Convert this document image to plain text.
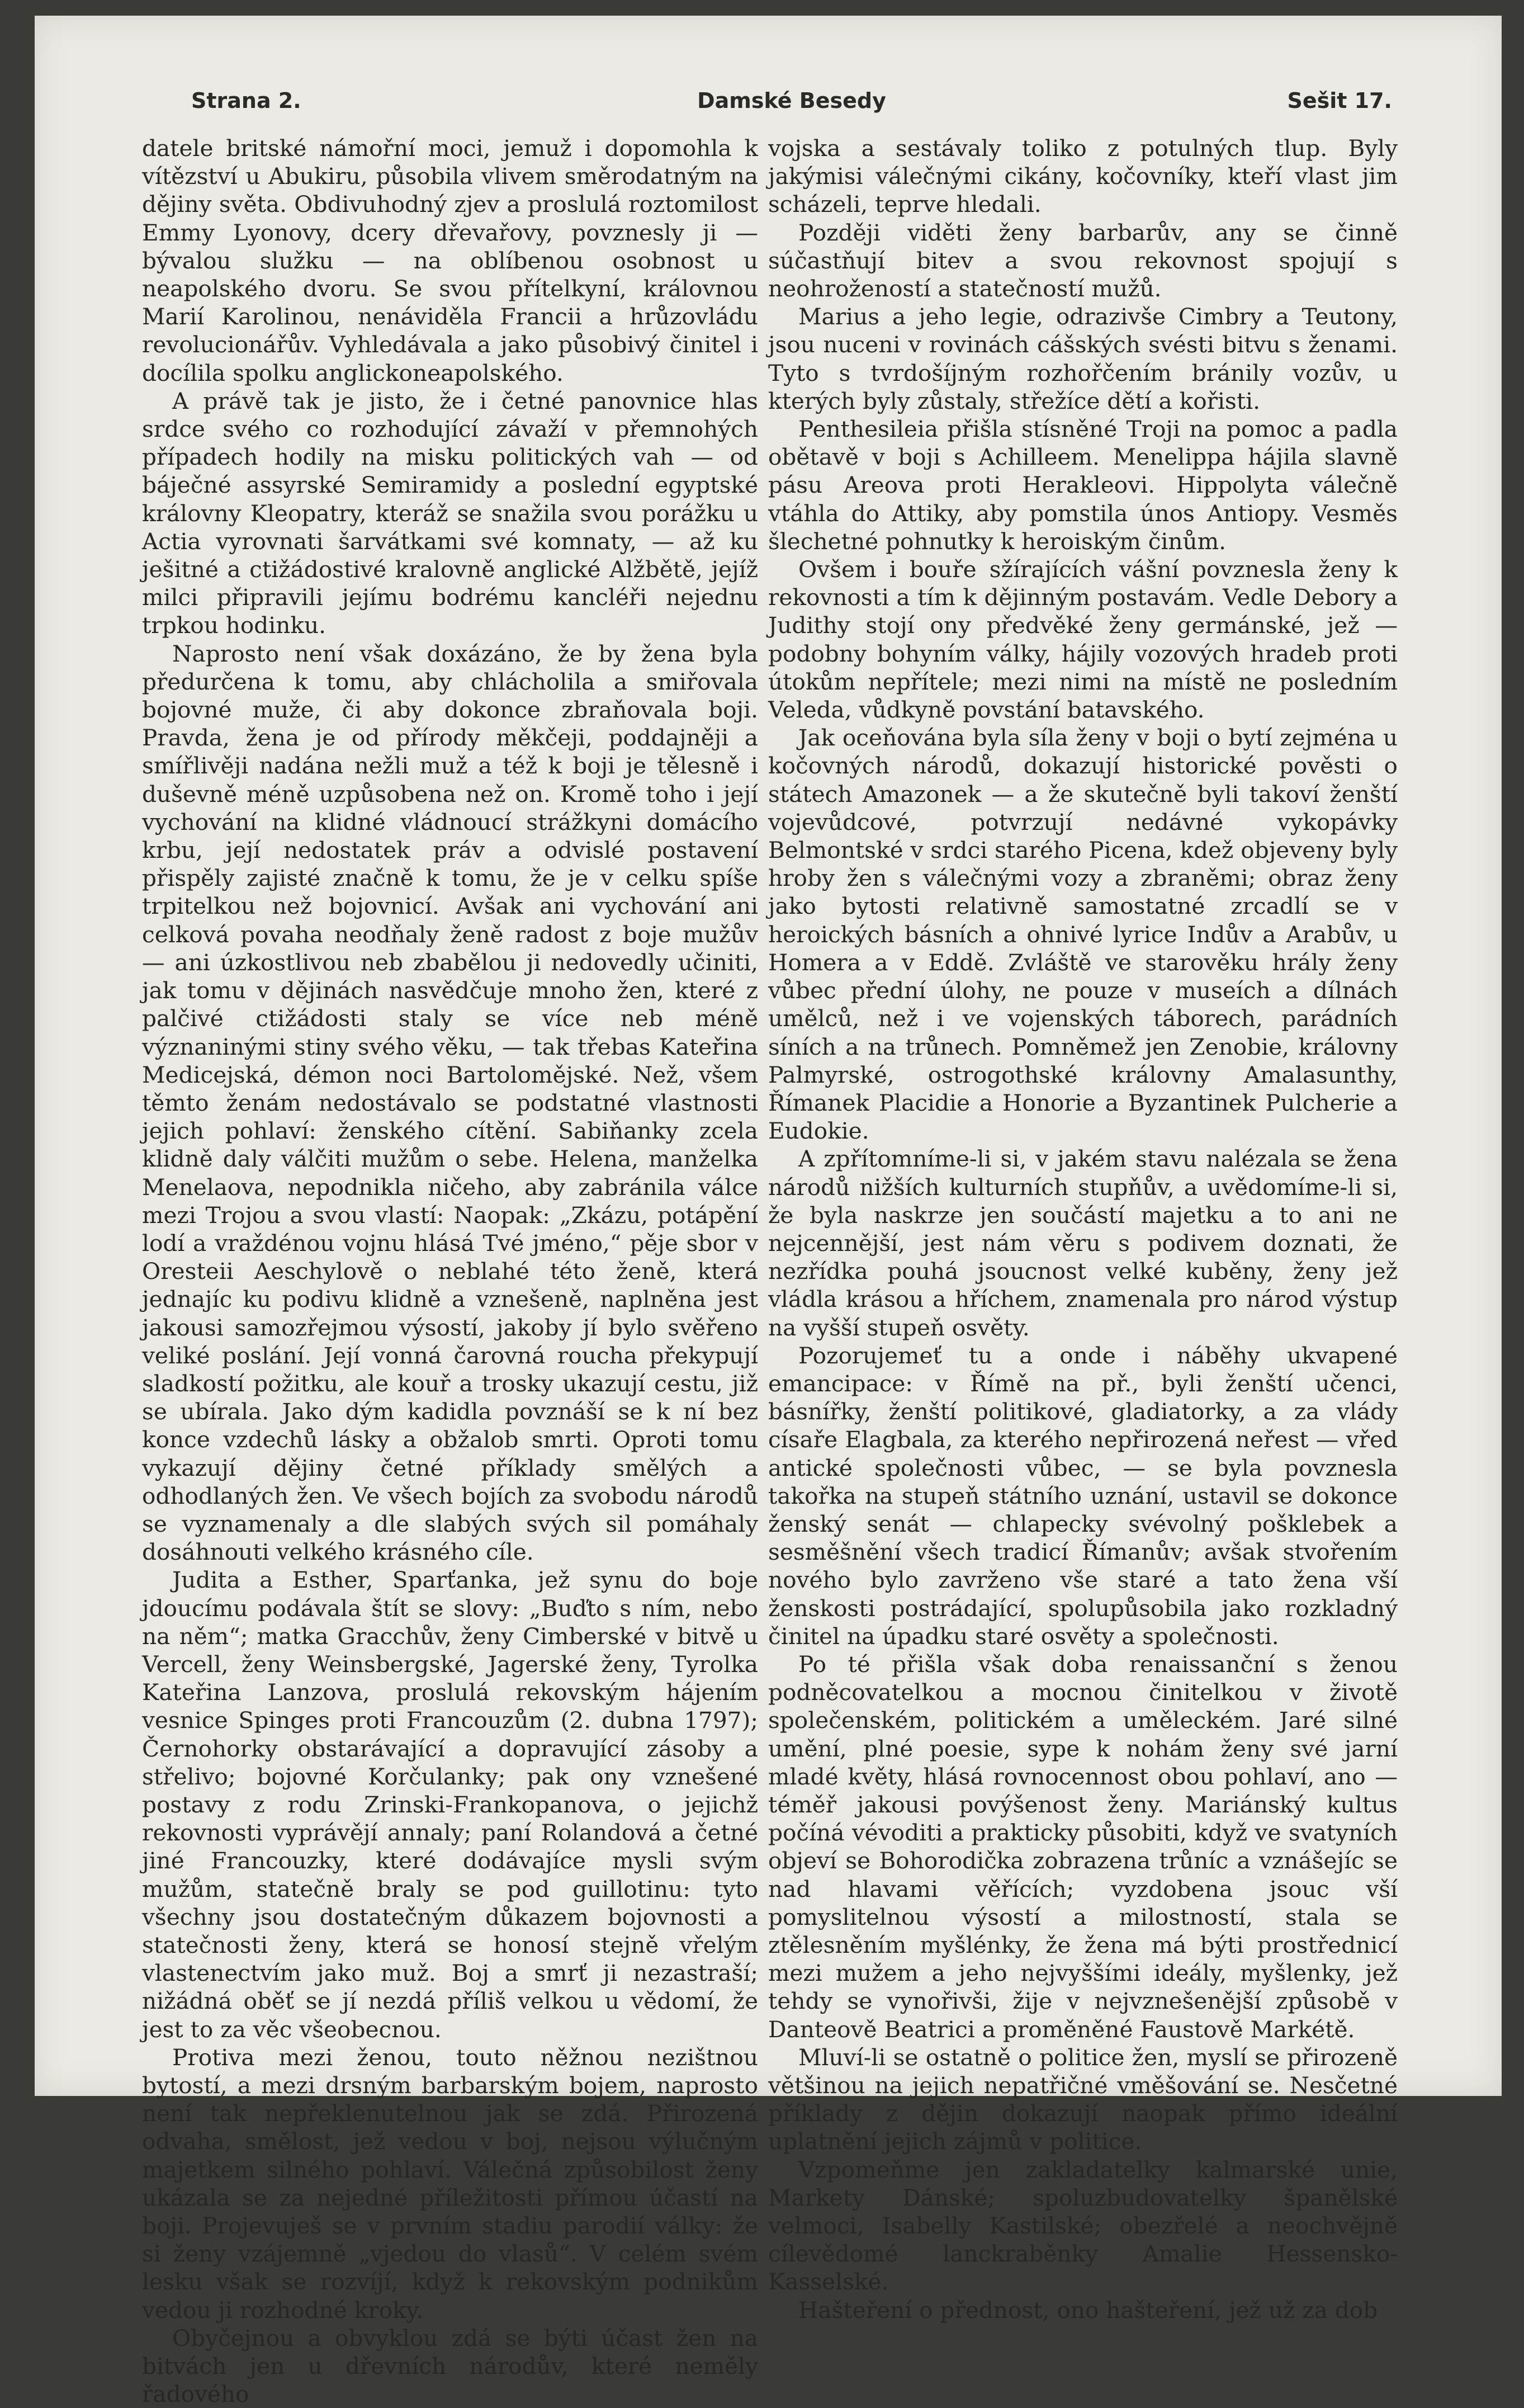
Strana 2.	Damské Besedy	Sešit 17.

datele britské námořní moci, jemuž i dopomohla k vítězství u Abukiru, působila vlivem směrodatným na dějiny světa. Obdivuhodný zjev a proslulá roztomilost Emmy Lyonovy, dcery dřevařovy, povznesly ji — bývalou služku — na oblíbenou osobnost u neapolského dvoru. Se svou přítelkyní, královnou Marií Karolinou, nenáviděla Francii a hrůzovládu revolucionářův. Vyhledávala a jako působivý činitel i docílila spolku anglickoneapolského.

A právě tak je jisto, že i četné panovnice hlas srdce svého co rozhodující závaží v přemnohých případech hodily na misku politických vah — od báječné assyrské Semiramidy a poslední egyptské královny Kleopatry, kteráž se snažila svou porážku u Actia vyrovnati šarvátkami své komnaty, — až ku ješitné a ctižádostivé kralovně anglické Alžbětě, jejíž milci připravili jejímu bodrému kancléři nejednu trpkou hodinku.

Naprosto není však doxázáno, že by žena byla předurčena k tomu, aby chlácholila a smiřovala bojovné muže, či aby dokonce zbraňovala boji. Pravda, žena je od přírody měkčeji, poddajněji a smířlivěji nadána nežli muž a též k boji je tělesně i duševně méně uzpůsobena než on. Kromě toho i její vychování na klidné vládnoucí strážkyni domácího krbu, její nedostatek práv a odvislé postavení přispěly zajisté značně k tomu, že je v celku spíše trpitelkou než bojovnicí. Avšak ani vychování ani celková povaha neodňaly ženě radost z boje mužův — ani úzkostlivou neb zbabělou ji nedovedly učiniti, jak tomu v dějinách nasvědčuje mnoho žen, které z palčivé ctižádosti staly se více neb méně význaninými stiny svého věku, — tak třebas Kateřina Medicejská, démon noci Bartolomějské. Než, všem těmto ženám nedostávalo se podstatné vlastnosti jejich pohlaví: ženského cítění. Sabiňanky zcela klidně daly válčiti mužům o sebe. Helena, manželka Menelaova, nepodnikla ničeho, aby zabránila válce mezi Trojou a svou vlastí: Naopak: „Zkázu, potápění lodí a vraždénou vojnu hlásá Tvé jméno,“ pěje sbor v Oresteii Aeschylově o neblahé této ženě, která jednajíc ku podivu klidně a vznešeně, naplněna jest jakousi samozřejmou výsostí, jakoby jí bylo svěřeno veliké poslání. Její vonná čarovná roucha překypují sladkostí požitku, ale kouř a trosky ukazují cestu, již se ubírala. Jako dým kadidla povznáší se k ní bez konce vzdechů lásky a obžalob smrti. Oproti tomu vykazují dějiny četné příklady smělých a odhodlaných žen. Ve všech bojích za svobodu národů se vyznamenaly a dle slabých svých sil pomáhaly dosáhnouti velkého krásného cíle.

Judita a Esther, Sparťanka, jež synu do boje jdoucímu podávala štít se slovy: „Buďto s ním, nebo na něm“; matka Gracchův, ženy Cimberské v bitvě u Vercell, ženy Weinsbergské, Jagerské ženy, Tyrolka Kateřina Lanzova, proslulá rekovským hájením vesnice Spinges proti Francouzům (2. dubna 1797); Černohorky obstarávající a dopravující zásoby a střelivo; bojovné Korčulanky; pak ony vznešené postavy z rodu Zrinski-Frankopanova, o jejichž rekovnosti vyprávějí annaly; paní Rolandová a četné jiné Francouzky, které dodávajíce mysli svým mužům, statečně braly se pod guillotinu: tyto všechny jsou dostatečným důkazem bojovnosti a statečnosti ženy, která se honosí stejně vřelým vlastenectvím jako muž. Boj a smrť ji nezastraší; nižádná oběť se jí nezdá příliš velkou u vědomí, že jest to za věc všeobecnou.

Protiva mezi ženou, touto něžnou nezištnou bytostí, a mezi drsným barbarským bojem, naprosto není tak nepřeklenutelnou jak se zdá. Přirozená odvaha, smělost, jež vedou v boj, nejsou výlučným majetkem silného pohlaví. Válečná způsobilost ženy ukázala se za nejedné příležitosti přímou účastí na boji. Projevuješ se v prvním stadiu parodií války: že si ženy vzájemně „vjedou do vlasů“. V celém svém lesku však se rozvíjí, když k rekovským podnikům vedou ji rozhodné kroky.

Obyčejnou a obvyklou zdá se býti účast žen na bitvách jen u dřevních národův, které neměly řadového

vojska a sestávaly toliko z potulných tlup. Byly jakýmisi válečnými cikány, kočovníky, kteří vlast jim scházeli, teprve hledali.

Později viděti ženy barbarův, any se činně súčastňují bitev a svou rekovnost spojují s neohrožeností a statečností mužů.

Marius a jeho legie, odrazivše Cimbry a Teutony, jsou nuceni v rovinách cášských svésti bitvu s ženami. Tyto s tvrdošíjným rozhořčením bránily vozův, u kterých byly zůstaly, střežíce dětí a kořisti.

Penthesileia přišla stísněné Troji na pomoc a padla obětavě v boji s Achilleem. Menelippa hájila slavně pásu Areova proti Herakleovi. Hippolyta válečně vtáhla do Attiky, aby pomstila únos Antiopy. Vesměs šlechetné pohnutky k heroiským činům.

Ovšem i bouře sžírajících vášní povznesla ženy k rekovnosti a tím k dějinným postavám. Vedle Debory a Judithy stojí ony předvěké ženy germánské, jež — podobny bohyním války, hájily vozových hradeb proti útokům nepřítele; mezi nimi na místě ne posledním Veleda, vůdkyně povstání batavského.

Jak oceňována byla síla ženy v boji o bytí zejména u kočovných národů, dokazují historické pověsti o státech Amazonek — a že skutečně byli takoví ženští vojevůdcové, potvrzují nedávné vykopávky Belmontské v srdci starého Picena, kdež objeveny byly hroby žen s válečnými vozy a zbraněmi; obraz ženy jako bytosti relativně samostatné zrcadlí se v heroických básních a ohnivé lyrice Indův a Arabův, u Homera a v Eddě. Zvláště ve starověku hrály ženy vůbec přední úlohy, ne pouze v museích a dílnách umělců, než i ve vojenských táborech, parádních síních a na trůnech. Pomněmež jen Zenobie, královny Palmyrské, ostrogothské královny Amalasunthy, Římanek Placidie a Honorie a Byzantinek Pulcherie a Eudokie.

A zpřítomníme-li si, v jakém stavu nalézala se žena národů nižších kulturních stupňův, a uvědomíme-li si, že byla naskrze jen součástí majetku a to ani ne nejcennější, jest nám věru s podivem doznati, že nezřídka pouhá jsoucnost velké kuběny, ženy jež vládla krásou a hříchem, znamenala pro národ výstup na vyšší stupeň osvěty.

Pozorujemeť tu a onde i náběhy ukvapené emancipace: v Římě na př., byli ženští učenci, básnířky, ženští politikové, gladiatorky, a za vlády císaře Elagbala, za kterého nepřirozená neřest — vřed antické společnosti vůbec, — se byla povznesla takořka na stupeň státního uznání, ustavil se dokonce ženský senát — chlapecky svévolný pošklebek a sesměšnění všech tradicí Římanův; avšak stvořením nového bylo zavrženo vše staré a tato žena vší ženskosti postrádající, spolupůsobila jako rozkladný činitel na úpadku staré osvěty a společnosti.

Po té přišla však doba renaissanční s ženou podněcovatelkou a mocnou činitelkou v životě společenském, politickém a uměleckém. Jaré silné umění, plné poesie, sype k nohám ženy své jarní mladé květy, hlásá rovnocennost obou pohlaví, ano — téměř jakousi povýšenost ženy. Mariánský kultus počíná vévoditi a prakticky působiti, když ve svatyních objeví se Bohorodička zobrazena trůníc a vznášejíc se nad hlavami věřících; vyzdobena jsouc vší pomyslitelnou výsostí a milostností, stala se ztělesněním myšlénky, že žena má býti prostřednicí mezi mužem a jeho nejvyššími ideály, myšlenky, jež tehdy se vynořivši, žije v nejvznešenější způsobě v Danteově Beatrici a proměněné Faustově Markétě.

Mluví-li se ostatně o politice žen, myslí se přirozeně většinou na jejich nepatřičné vměšování se. Nesčetné příklady z dějin dokazují naopak přímo ideální uplatnění jejich zájmů v politice.

Vzpomeňme jen zakladatelky kalmarské unie, Markety Dánské; spoluzbudovatelky španělské velmoci, Isabelly Kastilské; obezřelé a neochvějně cílevědomé lanckraběnky Amalie Hessensko-Kasselské.

Hašteření o přednost, ono hašteření, jež už za dob
